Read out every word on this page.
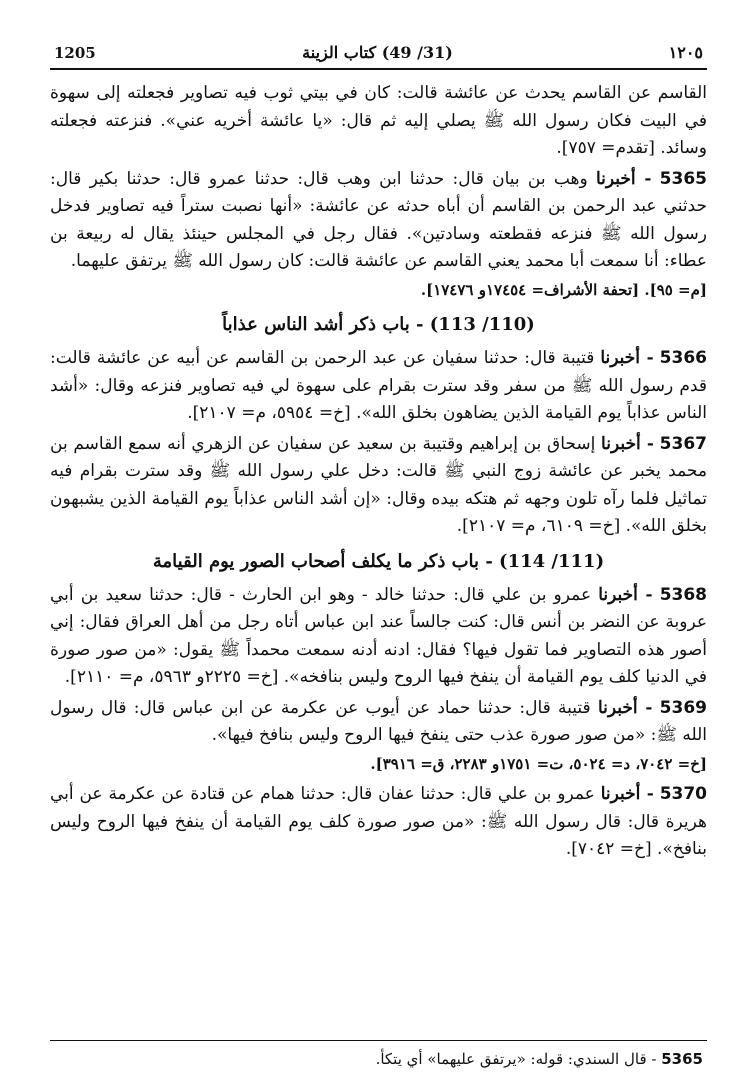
1205	(31/ 49) كتاب الزينة	١٢٠٥

القاسم عن القاسم يحدث عن عائشة قالت: كان في بيتي ثوب فيه تصاوير فجعلته إلى سهوة في البيت فكان رسول الله ﷺ يصلي إليه ثم قال: «يا عائشة أخريه عني». فنزعته فجعلته وسائد. [تقدم= ٧٥٧].

5365 - أخبرنا وهب بن بيان قال: حدثنا ابن وهب قال: حدثنا عمرو قال: حدثنا بكير قال: حدثني عبد الرحمن بن القاسم أن أباه حدثه عن عائشة: «أنها نصبت ستراً فيه تصاوير فدخل رسول الله ﷺ فنزعه فقطعته وسادتين». فقال رجل في المجلس حينئذ يقال له ربيعة بن عطاء: أنا سمعت أبا محمد يعني القاسم عن عائشة قالت: كان رسول الله ﷺ يرتفق عليهما.

[م= ٩٥]. [تحفة الأشراف= ١٧٤٥٤و ١٧٤٧٦].

(110/ 113) - باب ذكر أشد الناس عذاباً

5366 - أخبرنا قتيبة قال: حدثنا سفيان عن عبد الرحمن بن القاسم عن أبيه عن عائشة قالت: قدم رسول الله ﷺ من سفر وقد سترت بقرام على سهوة لي فيه تصاوير فنزعه وقال: «أشد الناس عذاباً يوم القيامة الذين يضاهون بخلق الله». [خ= ٥٩٥٤، م= ٢١٠٧].

5367 - أخبرنا إسحاق بن إبراهيم وقتيبة بن سعيد عن سفيان عن الزهري أنه سمع القاسم بن محمد يخبر عن عائشة زوج النبي ﷺ قالت: دخل علي رسول الله ﷺ وقد سترت بقرام فيه تماثيل فلما رآه تلون وجهه ثم هتكه بيده وقال: «إن أشد الناس عذاباً يوم القيامة الذين يشبهون بخلق الله». [خ= ٦١٠٩، م= ٢١٠٧].

(111/ 114) - باب ذكر ما يكلف أصحاب الصور يوم القيامة

5368 - أخبرنا عمرو بن علي قال: حدثنا خالد - وهو ابن الحارث - قال: حدثنا سعيد بن أبي عروبة عن النضر بن أنس قال: كنت جالساً عند ابن عباس أتاه رجل من أهل العراق فقال: إني أصور هذه التصاوير فما تقول فيها؟ فقال: ادنه أدنه سمعت محمداً ﷺ يقول: «من صور صورة في الدنيا كلف يوم القيامة أن ينفخ فيها الروح وليس بنافخه». [خ= ٢٢٢٥و ٥٩٦٣، م= ٢١١٠].

5369 - أخبرنا قتيبة قال: حدثنا حماد عن أيوب عن عكرمة عن ابن عباس قال: قال رسول الله ﷺ: «من صور صورة عذب حتى ينفخ فيها الروح وليس بنافخ فيها».

[خ= ٧٠٤٢، د= ٥٠٢٤، ت= ١٧٥١و ٢٢٨٣، ق= ٣٩١٦].

5370 - أخبرنا عمرو بن علي قال: حدثنا عفان قال: حدثنا همام عن قتادة عن عكرمة عن أبي هريرة قال: قال رسول الله ﷺ: «من صور صورة كلف يوم القيامة أن ينفخ فيها الروح وليس بنافخ». [خ= ٧٠٤٢].

5365 - قال السندي: قوله: «يرتفق عليهما» أي يتكأ.
